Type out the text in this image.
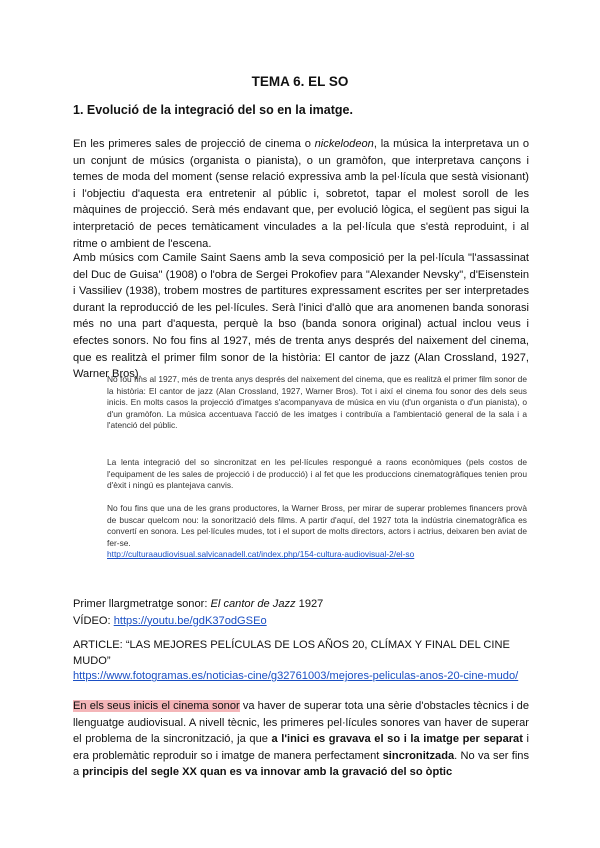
TEMA 6. EL SO
1. Evolució de la integració del so en la imatge.

En les primeres sales de projecció de cinema o nickelodeon, la música la interpretava un o un conjunt de músics (organista o pianista), o un gramòfon, que interpretava cançons i temes de moda del moment (sense relació expressiva amb la pel·lícula que sestà visionant) i l'objectiu d'aquesta era entretenir al públic i, sobretot, tapar el molest soroll de les màquines de projecció. Serà més endavant que, per evolució lògica, el següent pas sigui la interpretació de peces temàticament vinculades a la pel·lícula que s'està reproduint, i al ritme o ambient de l'escena.

Amb músics com Camile Saint Saens amb la seva composició per la pel·lícula "l'assassinat del Duc de Guisa" (1908) o l'obra de Sergei Prokofiev para "Alexander Nevsky", d'Eisenstein i Vassiliev (1938), trobem mostres de partitures expressament escrites per ser interpretades durant la reproducció de les pel·lícules. Serà l'inici d'allò que ara anomenen banda sonorasi més no una part d'aquesta, perquè la bso (banda sonora original) actual inclou veus i efectes sonors. No fou fins al 1927, més de trenta anys després del naixement del cinema, que es realitzà el primer film sonor de la història: El cantor de jazz (Alan Crossland, 1927, Warner Bros).

No fou fins al 1927, més de trenta anys després del naixement del cinema, que es realitzà el primer film sonor de la història: El cantor de jazz (Alan Crossland, 1927, Warner Bros). Tot i així el cinema fou sonor des dels seus inicis. En molts casos la projecció d'imatges s'acompanyava de música en viu (d'un organista o d'un pianista), o d'un gramòfon. La música accentuava l'acció de les imatges i contribuïa a l'ambientació general de la sala i a l'atenció del públic.

La lenta integració del so sincronitzat en les pel·lícules respongué a raons econòmiques (pels costos de l'equipament de les sales de projecció i de producció) i al fet que les produccions cinematogràfiques tenien prou d'èxit i ningú es plantejava canvis.

No fou fins que una de les grans productores, la Warner Bross, per mirar de superar problemes financers provà de buscar quelcom nou: la sonorització dels films. A partir d'aquí, del 1927 tota la indústria cinematogràfica es convertí en sonora. Les pel·lícules mudes, tot i el suport de molts directors, actors i actrius, deixaren ben aviat de fer-se.
http://culturaaudiovisual.salvicanadell.cat/index.php/154-cultura-audiovisual-2/el-so

Primer llargmetratge sonor: El cantor de Jazz 1927
VÍDEO: https://youtu.be/gdK37odGSEo

ARTICLE: “LAS MEJORES PELÍCULAS DE LOS AÑOS 20, CLÍMAX Y FINAL DEL CINE MUDO”
https://www.fotogramas.es/noticias-cine/g32761003/mejores-peliculas-anos-20-cine-mudo/

En els seus inicis el cinema sonor va haver de superar tota una sèrie d'obstacles tècnics i de llenguatge audiovisual. A nivell tècnic, les primeres pel·lícules sonores van haver de superar el problema de la sincronització, ja que a l'inici es gravava el so i la imatge per separat i era problemàtic reproduir so i imatge de manera perfectament sincronitzada. No va ser fins a principis del segle XX quan es va innovar amb la gravació del so òptic
